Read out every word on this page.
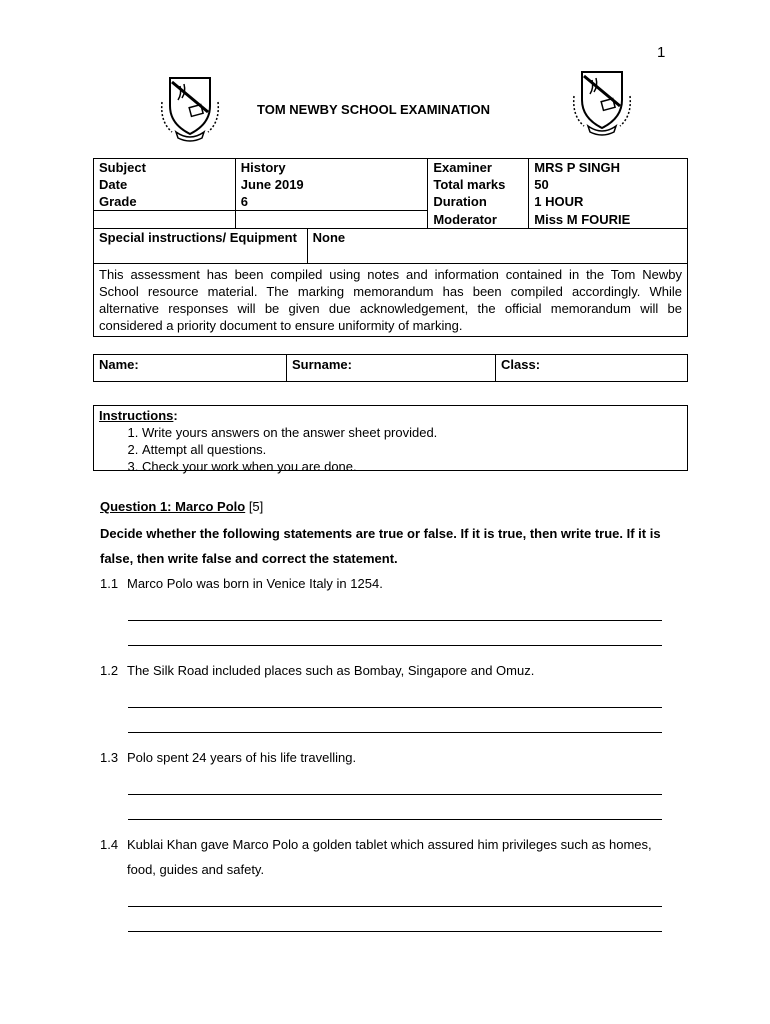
1
TOM NEWBY SCHOOL EXAMINATION
Subject	History		Examiner	MRS P SINGH
Date	June 2019		Total marks	50
Grade	6		Duration	1 HOUR
			Moderator	Miss M FOURIE
Special instructions/ Equipment		None		
This assessment has been compiled using notes and information contained in the Tom Newby School resource material. The marking memorandum has been compiled accordingly. While alternative responses will be given due acknowledgement, the official memorandum will be considered a priority document to ensure uniformity of marking.				
Name:	Surname:	Class:
Instructions:
1. Write yours answers on the answer sheet provided.
2. Attempt all questions.
3. Check your work when you are done.
Question 1: Marco Polo [5]
Decide whether the following statements are true or false. If it is true, then write true. If it is false, then write false and correct the statement.
1.1 Marco Polo was born in Venice Italy in 1254.
1.2 The Silk Road included places such as Bombay, Singapore and Omuz.
1.3 Polo spent 24 years of his life travelling.
1.4 Kublai Khan gave Marco Polo a golden tablet which assured him privileges such as homes, food, guides and safety.
